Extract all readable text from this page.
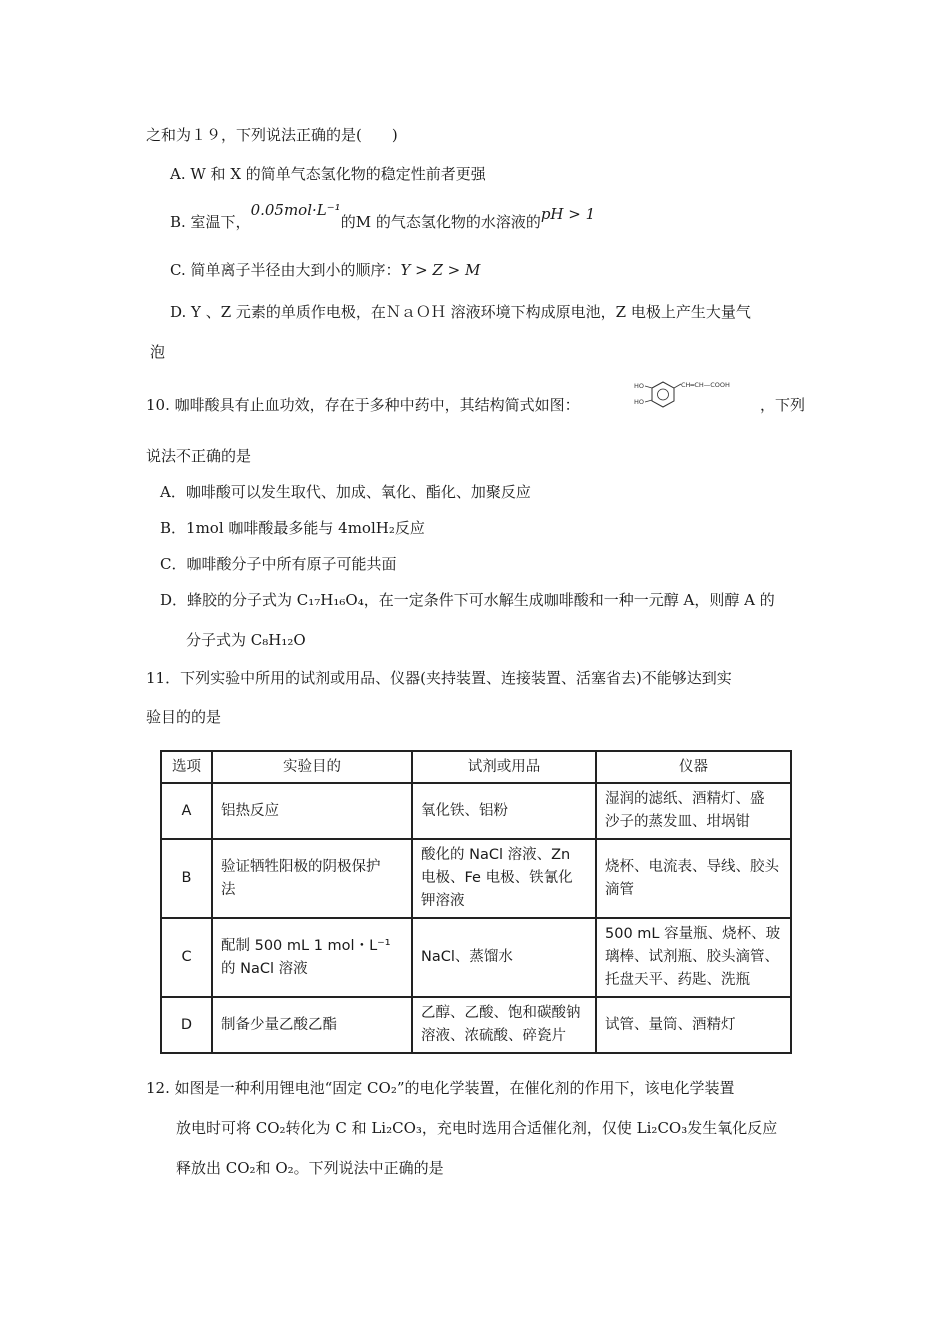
之和为１９，下列说法正确的是(　　)
A. W 和 X 的简单气态氢化物的稳定性前者更强
B. 室温下，0.05mol·L⁻¹的M 的气态氢化物的水溶液的pH > 1
C. 简单离子半径由大到小的顺序：Y > Z > M
D. Y 、Z 元素的单质作电极，在ＮａＯＨ 溶液环境下构成原电池，Z 电极上产生大量气
泡
10. 咖啡酸具有止血功效，存在于多种中药中，其结构简式如图：
HO
HO
CH═CH—COOH
，下列
说法不正确的是
A．咖啡酸可以发生取代、加成、氧化、酯化、加聚反应
B．1mol 咖啡酸最多能与 4molH₂反应
C．咖啡酸分子中所有原子可能共面
D．蜂胶的分子式为 C₁₇H₁₆O₄，在一定条件下可水解生成咖啡酸和一种一元醇 A，则醇 A 的
分子式为 C₈H₁₂O
11．下列实验中所用的试剂或用品、仪器(夹持装置、连接装置、活塞省去)不能够达到实
验目的的是
选项	实验目的	试剂或用品	仪器
A	铝热反应	氧化铁、铝粉	湿润的滤纸、酒精灯、盛
沙子的蒸发皿、坩埚钳
B	验证牺牲阳极的阴极保护
法	酸化的 NaCl 溶液、Zn
电极、Fe 电极、铁氰化
钾溶液	烧杯、电流表、导线、胶头
滴管
C	配制 500 mL 1 mol・L⁻¹
的 NaCl 溶液	NaCl、蒸馏水	500 mL 容量瓶、烧杯、玻
璃棒、试剂瓶、胶头滴管、
托盘天平、药匙、洗瓶
D	制备少量乙酸乙酯	乙醇、乙酸、饱和碳酸钠
溶液、浓硫酸、碎瓷片	试管、量筒、酒精灯
12. 如图是一种利用锂电池“固定 CO₂”的电化学装置，在催化剂的作用下，该电化学装置
放电时可将 CO₂转化为 C 和 Li₂CO₃，充电时选用合适催化剂，仅使 Li₂CO₃发生氧化反应
释放出 CO₂和 O₂。下列说法中正确的是
